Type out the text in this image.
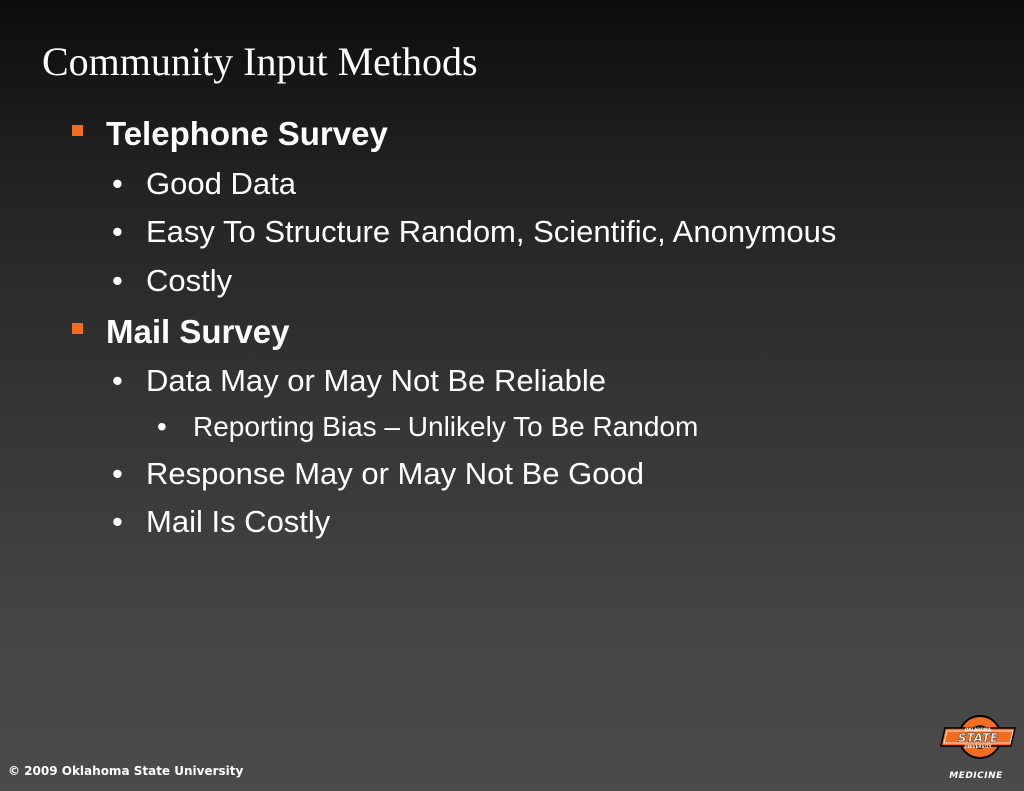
Community Input Methods
Telephone Survey
• Good Data
• Easy To Structure Random, Scientific, Anonymous
• Costly
Mail Survey
• Data May or May Not Be Reliable
• Reporting Bias – Unlikely To Be Random
• Response May or May Not Be Good
• Mail Is Costly
© 2009 Oklahoma State University
OKLAHOMA
STATE
UNIVERSITY
MEDICINE
